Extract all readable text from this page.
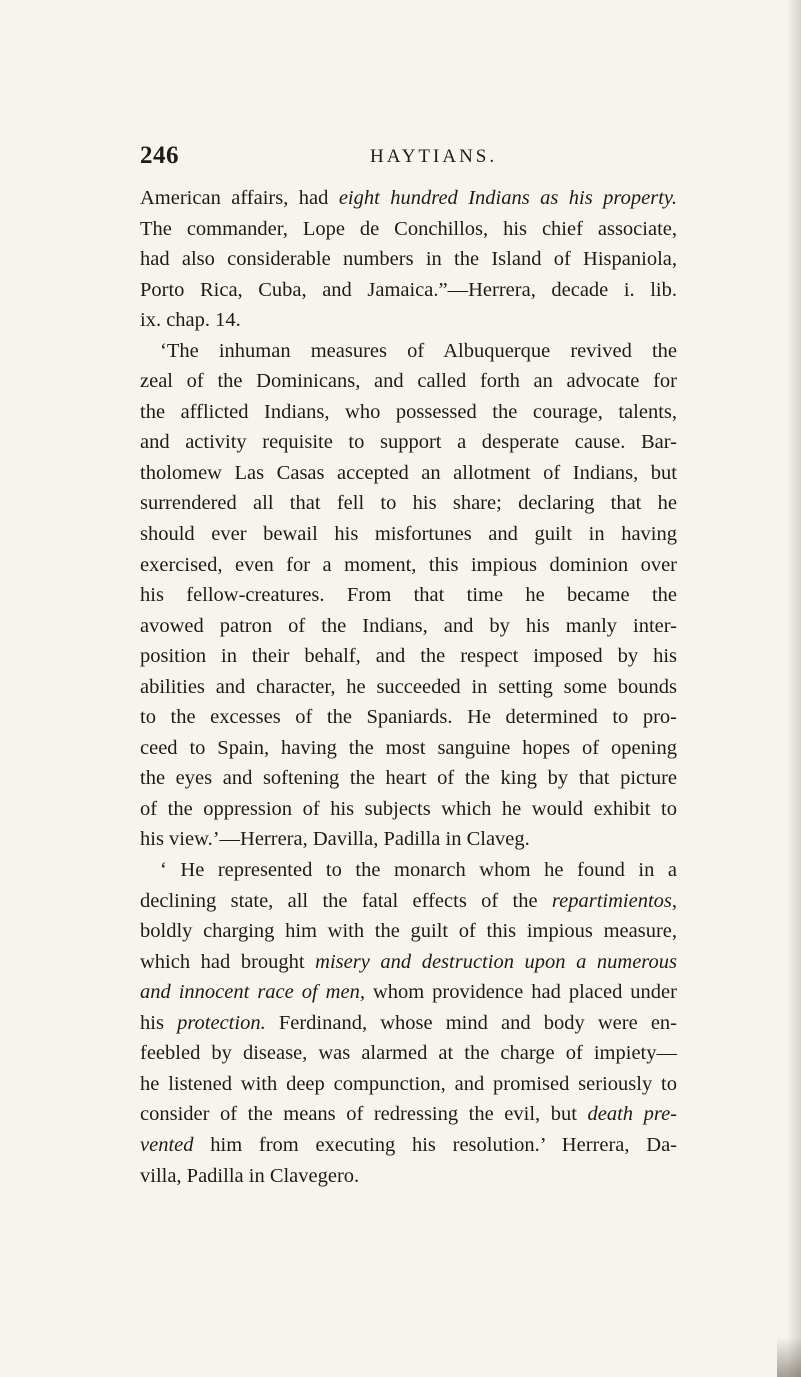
246	HAYTIANS.
American affairs, had eight hundred Indians as his property.
The commander, Lope de Conchillos, his chief associate,
had also considerable numbers in the Island of Hispaniola,
Porto Rica, Cuba, and Jamaica.”—Herrera, decade i. lib.
ix. chap. 14.
‘The inhuman measures of Albuquerque revived the
zeal of the Dominicans, and called forth an advocate for
the afflicted Indians, who possessed the courage, talents,
and activity requisite to support a desperate cause. Bar-
tholomew Las Casas accepted an allotment of Indians, but
surrendered all that fell to his share; declaring that he
should ever bewail his misfortunes and guilt in having
exercised, even for a moment, this impious dominion over
his fellow-creatures. From that time he became the
avowed patron of the Indians, and by his manly inter-
position in their behalf, and the respect imposed by his
abilities and character, he succeeded in setting some bounds
to the excesses of the Spaniards. He determined to pro-
ceed to Spain, having the most sanguine hopes of opening
the eyes and softening the heart of the king by that picture
of the oppression of his subjects which he would exhibit to
his view.’—Herrera, Davilla, Padilla in Claveg.
‘ He represented to the monarch whom he found in a
declining state, all the fatal effects of the repartimientos,
boldly charging him with the guilt of this impious measure,
which had brought misery and destruction upon a numerous
and innocent race of men, whom providence had placed under
his protection. Ferdinand, whose mind and body were en-
feebled by disease, was alarmed at the charge of impiety—
he listened with deep compunction, and promised seriously to
consider of the means of redressing the evil, but death pre-
vented him from executing his resolution.’ Herrera, Da-
villa, Padilla in Clavegero.
